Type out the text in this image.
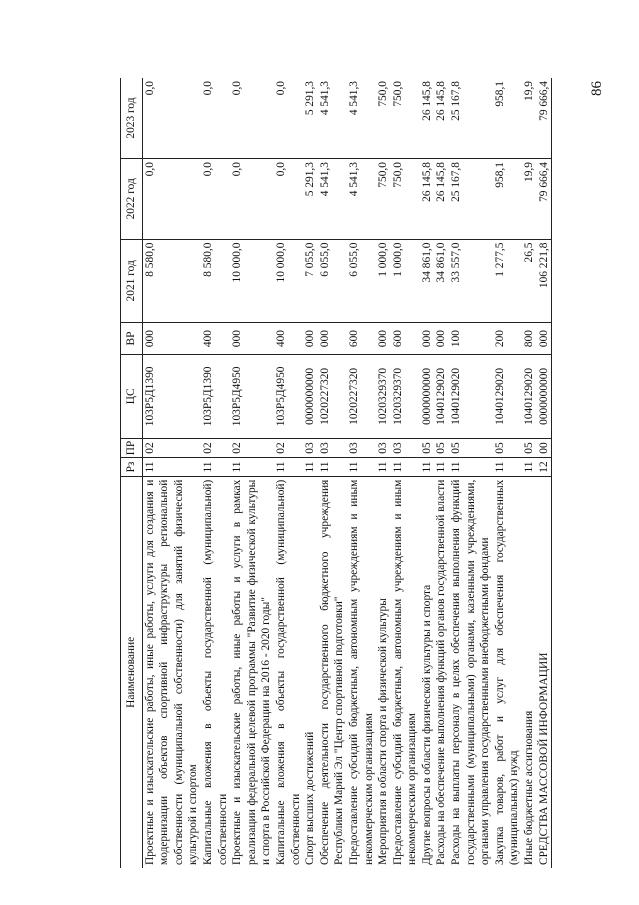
86
Наименование	Рз	ПР	ЦС	ВР	2021 год	2022 год	2023 год
Проектные и изыскательские работы, иные работы, услуги для создания и модернизации объектов спортивной инфраструктуры региональной собственности (муниципальной собственности) для занятий физической культурой и спортом	11	02	103Р5Д1390	000	8 580,0	0,0	0,0
Капитальные вложения в объекты государственной (муниципальной) собственности	11	02	103Р5Д1390	400	8 580,0	0,0	0,0
Проектные и изыскательские работы, иные работы и услуги в рамках реализации федеральной целевой программы "Развитие физической культуры и спорта в Российской Федерации на 2016 - 2020 годы"	11	02	103Р5Д4950	000	10 000,0	0,0	0,0
Капитальные вложения в объекты государственной (муниципальной) собственности	11	02	103Р5Д4950	400	10 000,0	0,0	0,0
Спорт высших достижений	11	03	0000000000	000	7 055,0	5 291,3	5 291,3
Обеспечение деятельности государственного бюджетного учреждения Республики Марий Эл "Центр спортивной подготовки"	11	03	1020227320	000	6 055,0	4 541,3	4 541,3
Предоставление субсидий бюджетным, автономным учреждениям и иным некоммерческим организациям	11	03	1020227320	600	6 055,0	4 541,3	4 541,3
Мероприятия в области спорта и физической культуры	11	03	1020329370	000	1 000,0	750,0	750,0
Предоставление субсидий бюджетным, автономным учреждениям и иным некоммерческим организациям	11	03	1020329370	600	1 000,0	750,0	750,0
Другие вопросы в области физической культуры и спорта	11	05	0000000000	000	34 861,0	26 145,8	26 145,8
Расходы на обеспечение выполнения функций органов государственной власти	11	05	1040129020	000	34 861,0	26 145,8	26 145,8
Расходы на выплаты персоналу в целях обеспечения выполнения функций государственными (муниципальными) органами, казенными учреждениями, органами управления государственными внебюджетными фондами	11	05	1040129020	100	33 557,0	25 167,8	25 167,8
Закупка товаров, работ и услуг для обеспечения государственных (муниципальных) нужд	11	05	1040129020	200	1 277,5	958,1	958,1
Иные бюджетные ассигнования	11	05	1040129020	800	26,5	19,9	19,9
СРЕДСТВА МАССОВОЙ ИНФОРМАЦИИ	12	00	0000000000	000	106 221,8	79 666,4	79 666,4
